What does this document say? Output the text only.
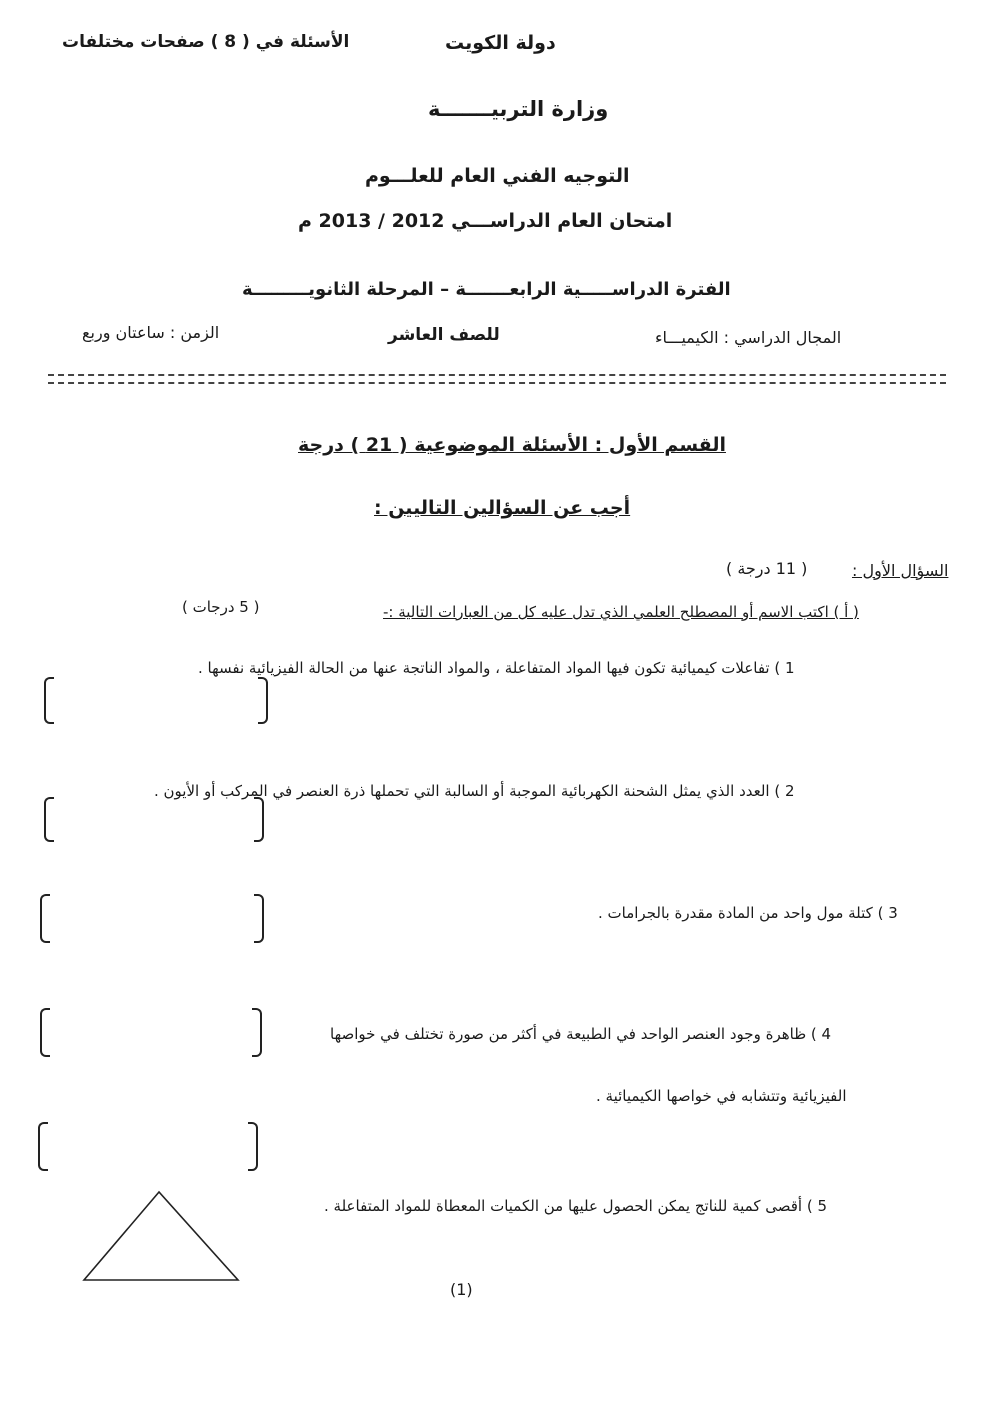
دولة الكويت
الأسئلة في ( 8 ) صفحات مختلفات
وزارة التربيـــــــة
التوجيه الفني العام للعلـــوم
امتحان العام الدراســـي 2012 / 2013 م
الفترة الدراســـــية الرابعـــــــة – المرحلة الثانويـــــــــة
المجال الدراسي : الكيميـــاء
للصف العاشر
الزمن : ساعتان وربع
القسم الأول : الأسئلة الموضوعية ( 21 ) درجة
أجب عن السؤالين التاليين :
السؤال الأول :
( 11 درجة )
( أ ) اكتب الاسم أو المصطلح العلمي الذي تدل عليه كل من العبارات التالية :-
( 5 درجات )
1 ) تفاعلات كيميائية تكون فيها المواد المتفاعلة ، والمواد الناتجة عنها من الحالة الفيزيائية نفسها .
2 ) العدد الذي يمثل الشحنة الكهربائية الموجبة أو السالبة التي تحملها ذرة العنصر في المركب أو الأيون .
3 ) كتلة مول واحد من المادة مقدرة بالجرامات .
4 ) ظاهرة وجود العنصر الواحد في الطبيعة في أكثر من صورة تختلف في خواصها
الفيزيائية وتتشابه في خواصها الكيميائية .
5 ) أقصى كمية للناتج يمكن الحصول عليها من الكميات المعطاة للمواد المتفاعلة .
(1)
